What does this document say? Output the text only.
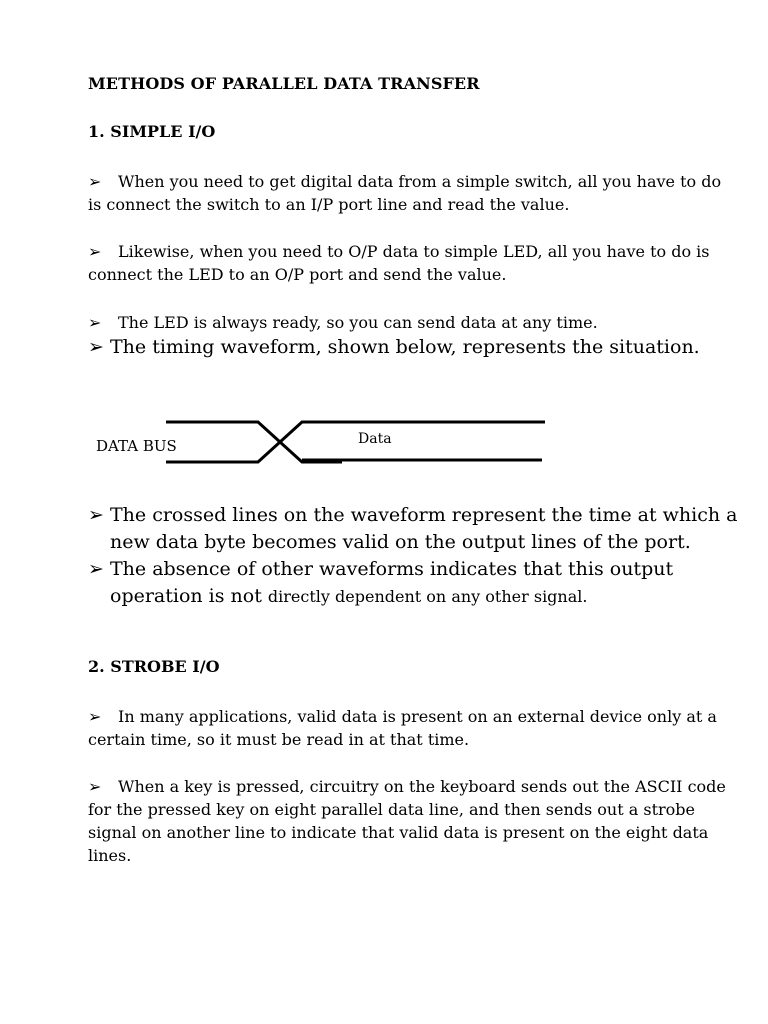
METHODS OF PARALLEL DATA TRANSFER
1. SIMPLE I/O
➢ When you need to get digital data from a simple switch, all you have to do
is connect the switch to an I/P port line and read the value.
➢ Likewise, when you need to O/P data to simple LED, all you have to do is
connect the LED to an O/P port and send the value.
➢ The LED is always ready, so you can send data at any time.
➢ The timing waveform, shown below, represents the situation.
DATA BUS	Data
➢ The crossed lines on the waveform represent the time at which a
new data byte becomes valid on the output lines of the port.
➢ The absence of other waveforms indicates that this output
operation is not directly dependent on any other signal.
2. STROBE I/O
➢ In many applications, valid data is present on an external device only at a
certain time, so it must be read in at that time.
➢ When a key is pressed, circuitry on the keyboard sends out the ASCII code
for the pressed key on eight parallel data line, and then sends out a strobe
signal on another line to indicate that valid data is present on the eight data
lines.
